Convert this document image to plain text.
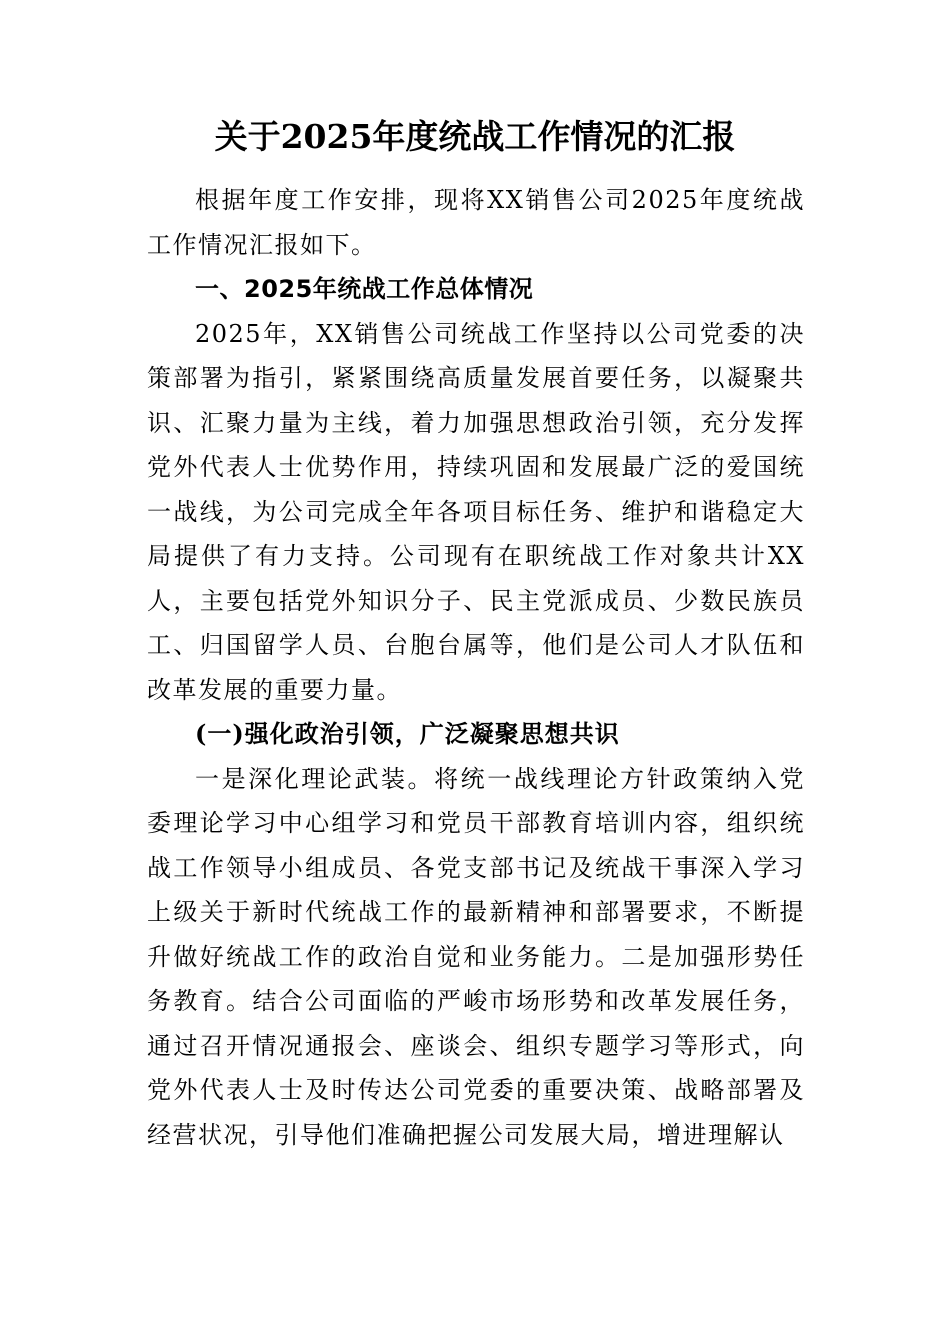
关于2025年度统战工作情况的汇报

根据年度工作安排，现将XX销售公司2025年度统战工作情况汇报如下。

一、2025年统战工作总体情况

2025年，XX销售公司统战工作坚持以公司党委的决策部署为指引，紧紧围绕高质量发展首要任务，以凝聚共识、汇聚力量为主线，着力加强思想政治引领，充分发挥党外代表人士优势作用，持续巩固和发展最广泛的爱国统一战线，为公司完成全年各项目标任务、维护和谐稳定大局提供了有力支持。公司现有在职统战工作对象共计XX人，主要包括党外知识分子、民主党派成员、少数民族员工、归国留学人员、台胞台属等，他们是公司人才队伍和改革发展的重要力量。

(一)强化政治引领，广泛凝聚思想共识

一是深化理论武装。将统一战线理论方针政策纳入党委理论学习中心组学习和党员干部教育培训内容，组织统战工作领导小组成员、各党支部书记及统战干事深入学习上级关于新时代统战工作的最新精神和部署要求，不断提升做好统战工作的政治自觉和业务能力。二是加强形势任务教育。结合公司面临的严峻市场形势和改革发展任务，通过召开情况通报会、座谈会、组织专题学习等形式，向党外代表人士及时传达公司党委的重要决策、战略部署及经营状况，引导他们准确把握公司发展大局，增进理解认
